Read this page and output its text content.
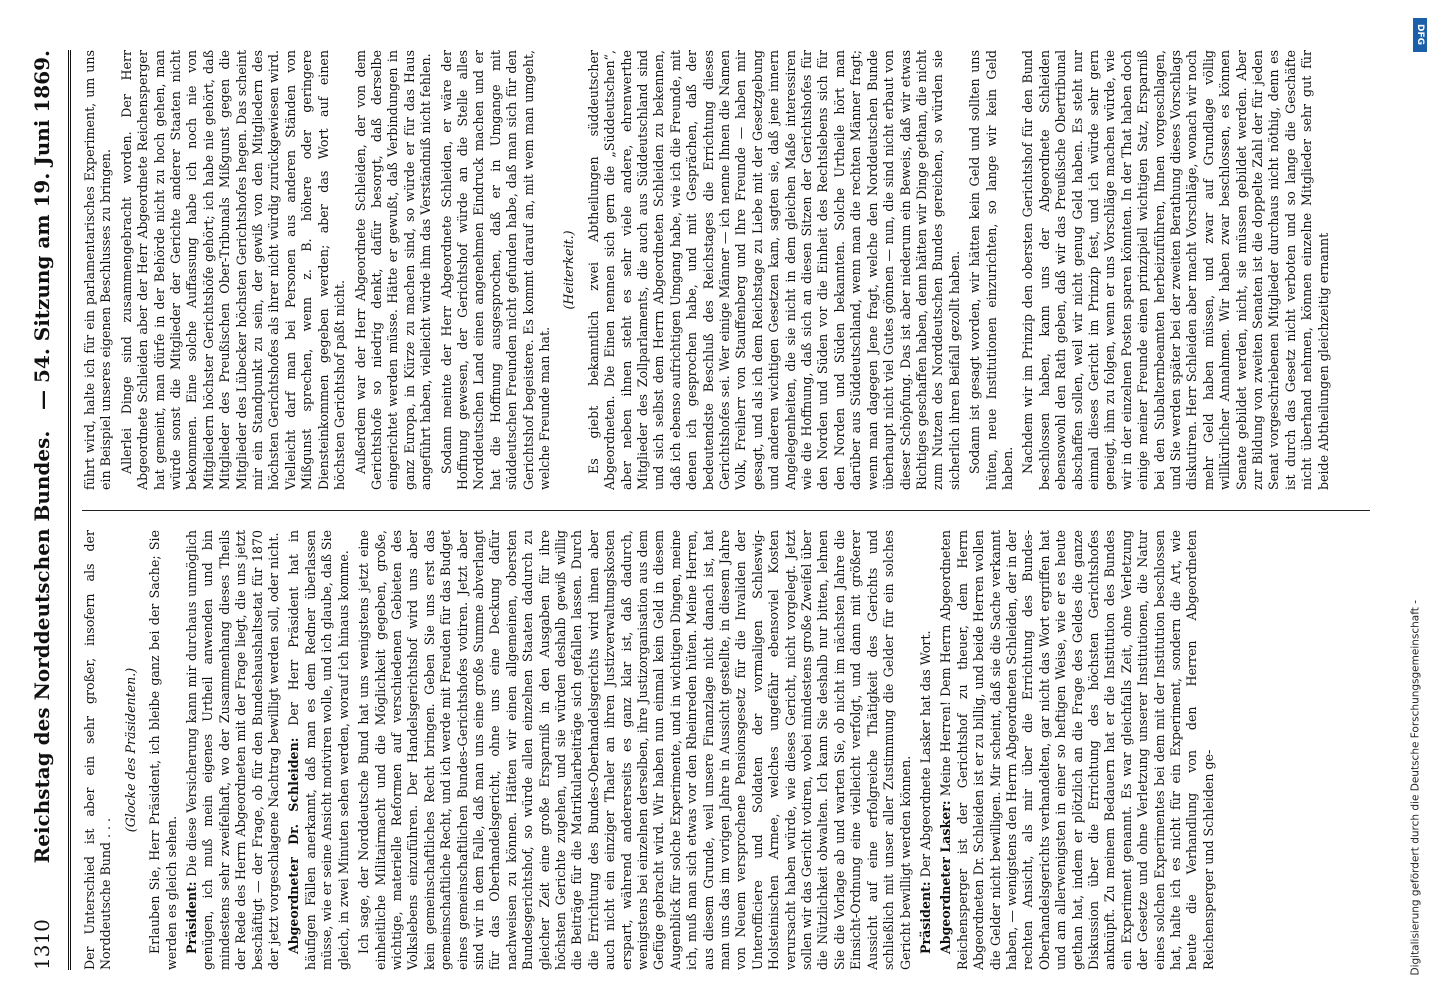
1310        Reichstag des Norddeutschen Bundes.
— 54. Sitzung am 19. Juni 1869.

Der Unterschied ist aber ein sehr großer, insofern als der Norddeutsche Bund . . .

(Glocke des Präsidenten.) Erlauben Sie, Herr Präsident, ich bleibe ganz bei der Sache; Sie werden es gleich sehen. Präsident: Die diese Versicherung kann mir durchaus unmöglich genügen, ich muß mein eigenes Urtheil anwenden und bin mindestens sehr zweifelhaft, wo der Zusammenhang dieses Theils der Rede des Herrn Abgeordneten mit der Frage liegt, die uns jetzt beschäftigt — der Frage, ob für den Bundeshaushaltsetat für 1870 der jetzt vorgeschlagene Nachtrag bewilligt werden soll, oder nicht. Abgeordneter Dr. Schleiden: Der Herr Präsident hat in häufigen Fällen anerkannt, daß man es dem Redner überlassen müsse, wie er seine Ansicht motiviren wolle, und ich glaube, daß Sie gleich, in zwei Minuten sehen werden, worauf ich hinaus komme. Ich sage, der Norddeutsche Bund hat uns wenigstens jetzt eine einheitliche Militairmacht und die Möglichkeit gegeben, große, wichtige, materielle Reformen auf verschiedenen Gebieten des Volkslebens einzuführen. Der Handelsgerichtshof wird uns aber kein gemeinschaftliches Recht bringen. Geben Sie uns erst das gemeinschaftliche Recht, und ich werde mit Freuden für das Budget eines gemeinschaftlichen Bundes-Gerichtshofes votiren. Jetzt aber sind wir in dem Falle, daß man uns eine große Summe abverlangt für das Oberhandelsgericht, ohne uns eine Deckung dafür nachweisen zu können. Hätten wir einen allgemeinen, obersten Bundesgerichtshof, so würde allen einzelnen Staaten dadurch zu gleicher Zeit eine große Ersparniß in den Ausgaben für ihre höchsten Gerichte zugehen, und sie würden deshalb gewiß willig die Beiträge für die Matrikularbeiträge sich gefallen lassen. Durch die Errichtung des Bundes-Oberhandelsgerichts wird ihnen aber auch nicht ein einziger Thaler an ihren Justizverwaltungskosten erspart, während andererseits es ganz klar ist, daß dadurch, wenigstens bei einzelnen derselben, ihre Justizorganisation aus dem Gefüge gebracht wird. Wir haben nun einmal kein Geld in diesem Augenblick für solche Experimente, und in wichtigen Dingen, meine ich, muß man sich etwas vor den Rheinreden hüten. Meine Herren, aus diesem Grunde, weil unsere Finanzlage nicht danach ist, hat man uns das im vorigen Jahre in Aussicht gestellte, in diesem Jahre von Neuem versprochene Pensionsgesetz für die Invaliden der Unterofficiere und Soldaten der vormaligen Schleswig-Holsteinischen Armee, welches ungefähr ebensoviel Kosten verursacht haben würde, wie dieses Gericht, nicht vorgelegt. Jetzt sollen wir das Gericht votiren, wobei mindestens große Zweifel über die Nützlichkeit obwalten. Ich kann Sie deshalb nur bitten, lehnen Sie die Vorlage ab und warten Sie, ob nicht im nächsten Jahre die Einsicht-Ordnung eine vielleicht verfolgt, und dann mit größerer Aussicht auf eine erfolgreiche Thätigkeit des Gerichts und schließlich mit unser aller Zustimmung die Gelder für ein solches Gericht bewilligt werden können. Präsident: Der Abgeordnete Lasker hat das Wort. Abgeordneter Lasker: Meine Herren! Dem Herrn Abgeordneten Reichensperger ist der Gerichtshof zu theuer, dem Herrn Abgeordneten Dr. Schleiden ist er zu billig, und beide Herren wollen die Gelder nicht bewilligen. Mir scheint, daß sie die Sache verkannt haben, — wenigstens den Herrn Abgeordneten Schleiden, der in der rechten Ansicht, als mir über die Errichtung des Bundes-Oberhandelsgerichts verhandelten, gar nicht das Wort ergriffen hat und am allerwenigsten in einer so heftigen Weise, wie er es heute gethan hat, indem er plötzlich an die Frage des Geldes die ganze Diskussion über die Errichtung des höchsten Gerichtshofes anknüpft. Zu meinem Bedauern hat er die Institution des Bundes ein Experiment genannt. Es war gleichfalls Zeit, ohne Verletzung der Gesetze und ohne Verletzung unserer Institutionen, die Natur eines solchen Experimentes bei dem mit der Institution beschlossen hat, halte ich es nicht für ein Experiment, sondern die Art, wie heute die Verhandlung von den Herren Abgeordneten Reichensperger und Schleiden ge-

führt wird, halte ich für ein parlamentarisches Experiment, um uns ein Beispiel unseres eigenen Beschlusses zu bringen. Allerlei Dinge sind zusammengebracht worden. Der Herr Abgeordnete Schleiden aber der Herr Abgeordnete Reichensperger hat gemeint, man dürfe in der Behörde nicht zu hoch gehen, man würde sonst die Mitglieder der Gerichte anderer Staaten nicht bekommen. Eine solche Auffassung habe ich noch nie von Mitgliedern höchster Gerichtshöfe gehört; ich habe nie gehört, daß Mitglieder des Preußischen Ober-Tribunals Mißgunst gegen die Mitglieder des Lübecker höchsten Gerichtshofes hegen. Das scheint mir ein Standpunkt zu sein, der gewiß von den Mitgliedern des höchsten Gerichtshofes als ihrer nicht würdig zurückgewiesen wird. Vielleicht darf man bei Personen aus anderen Ständen von Mißgunst sprechen, wenn z. B. höhere oder geringere Diensteinkommen gegeben werden; aber das Wort auf einen höchsten Gerichtshof paßt nicht. Außerdem war der Herr Abgeordnete Schleiden, der von dem Gerichtshofe so niedrig denkt, dafür besorgt, daß derselbe eingerichtet werden müsse. Hätte er gewußt, daß Verbindungen in ganz Europa, in Kürze zu machen sind, so würde er für das Haus angeführt haben, vielleicht würde ihm das Verständniß nicht fehlen. Sodann meinte der Herr Abgeordnete Schleiden, er wäre der Hoffnung gewesen, der Gerichtshof würde an die Stelle alles Norddeutschen Land einen angenehmen Eindruck machen und er hat die Hoffnung ausgesprochen, daß er in Umgange mit süddeutschen Freunden nicht gefunden habe, daß man sich für den Gerichtshof begeistere. Es kommt darauf an, mit wem man umgeht, welche Freunde man hat.

(Heiterkeit.) Es giebt bekanntlich zwei Abtheilungen süddeutscher Abgeordneten. Die Einen nennen sich gern die „Süddeutschen“, aber neben ihnen steht es sehr viele andere, ehrenwerthe Mitglieder des Zollparlaments, die auch aus Süddeutschland sind und sich selbst dem Herrn Abgeordneten Schleiden zu bekennen, daß ich ebenso aufrichtigen Umgang habe, wie ich die Freunde, mit denen ich gesprochen habe, und mit Gesprächen, daß der bedeutendste Beschluß des Reichstages die Errichtung dieses Gerichtshofes sei. Wer einige Männer — ich nenne Ihnen die Namen Volk, Freiherr von Stauffenberg und Ihre Freunde — haben mir gesagt, und als ich dem Reichstage zu Liebe mit der Gesetzgebung und anderen wichtigen Gesetzen kam, sagten sie, daß jene innern Angelegenheiten, die sie nicht in dem gleichen Maße interessiren wie die Hoffnung, daß sich an diesen Sitzen der Gerichtshofes für den Norden und Süden vor die Einheit des Rechtslebens sich für den Norden und Süden bekannten. Solche Urtheile hört man darüber aus Süddeutschland, wenn man die rechten Männer fragt; wenn man dagegen Jene fragt, welche den Norddeutschen Bunde überhaupt nicht viel Gutes gönnen — nun, die sind nicht erbaut von dieser Schöpfung. Das ist aber niederum ein Beweis, daß wir etwas Richtiges geschaffen haben, denn hätten wir Dinge gethan, die nicht zum Nutzen des Norddeutschen Bundes gereichen, so würden sie sicherlich ihren Beifall gezollt haben. Sodann ist gesagt worden, wir hätten kein Geld und sollten uns hüten, neue Institutionen einzurichten, so lange wir kein Geld haben. Nachdem wir im Prinzip den obersten Gerichtshof für den Bund beschlossen haben, kann uns der Abgeordnete Schleiden ebensowohl den Rath geben, daß wir das Preußische Obertribunal abschaffen sollen, weil wir nicht genug Geld haben. Es steht nur einmal dieses Gericht im Prinzip fest, und ich würde sehr gern geneigt, ihm zu folgen, wenn er uns Vorschläge machen würde, wie wir in der einzelnen Posten sparen könnten. In der That haben doch einige meiner Freunde einen prinzipiell wichtigen Satz, Ersparniß bei den Subalternbeamten herbeizuführen, Ihnen vorgeschlagen, und Sie werden später bei der zweiten Berathung dieses Vorschlags diskutiren. Herr Schleiden aber macht Vorschläge, wonach wir noch mehr Geld haben müssen, und zwar auf Grundlage völlig willkürlicher Annahmen. Wir haben zwar beschlossen, es können Senate gebildet werden, nicht, sie müssen gebildet werden. Aber zur Bildung von zweiten Senaten ist die doppelte Zahl der für jeden Senat vorgeschriebenen Mitglieder durchaus nicht nöthig, denn es ist durch das Gesetz nicht verboten und so lange die Geschäfte nicht überhand nehmen, können einzelne Mitglieder sehr gut für beide Abtheilungen gleichzeitig ernannt

DFG
Digitalisierung gefördert durch die Deutsche Forschungsgemeinschaft -
